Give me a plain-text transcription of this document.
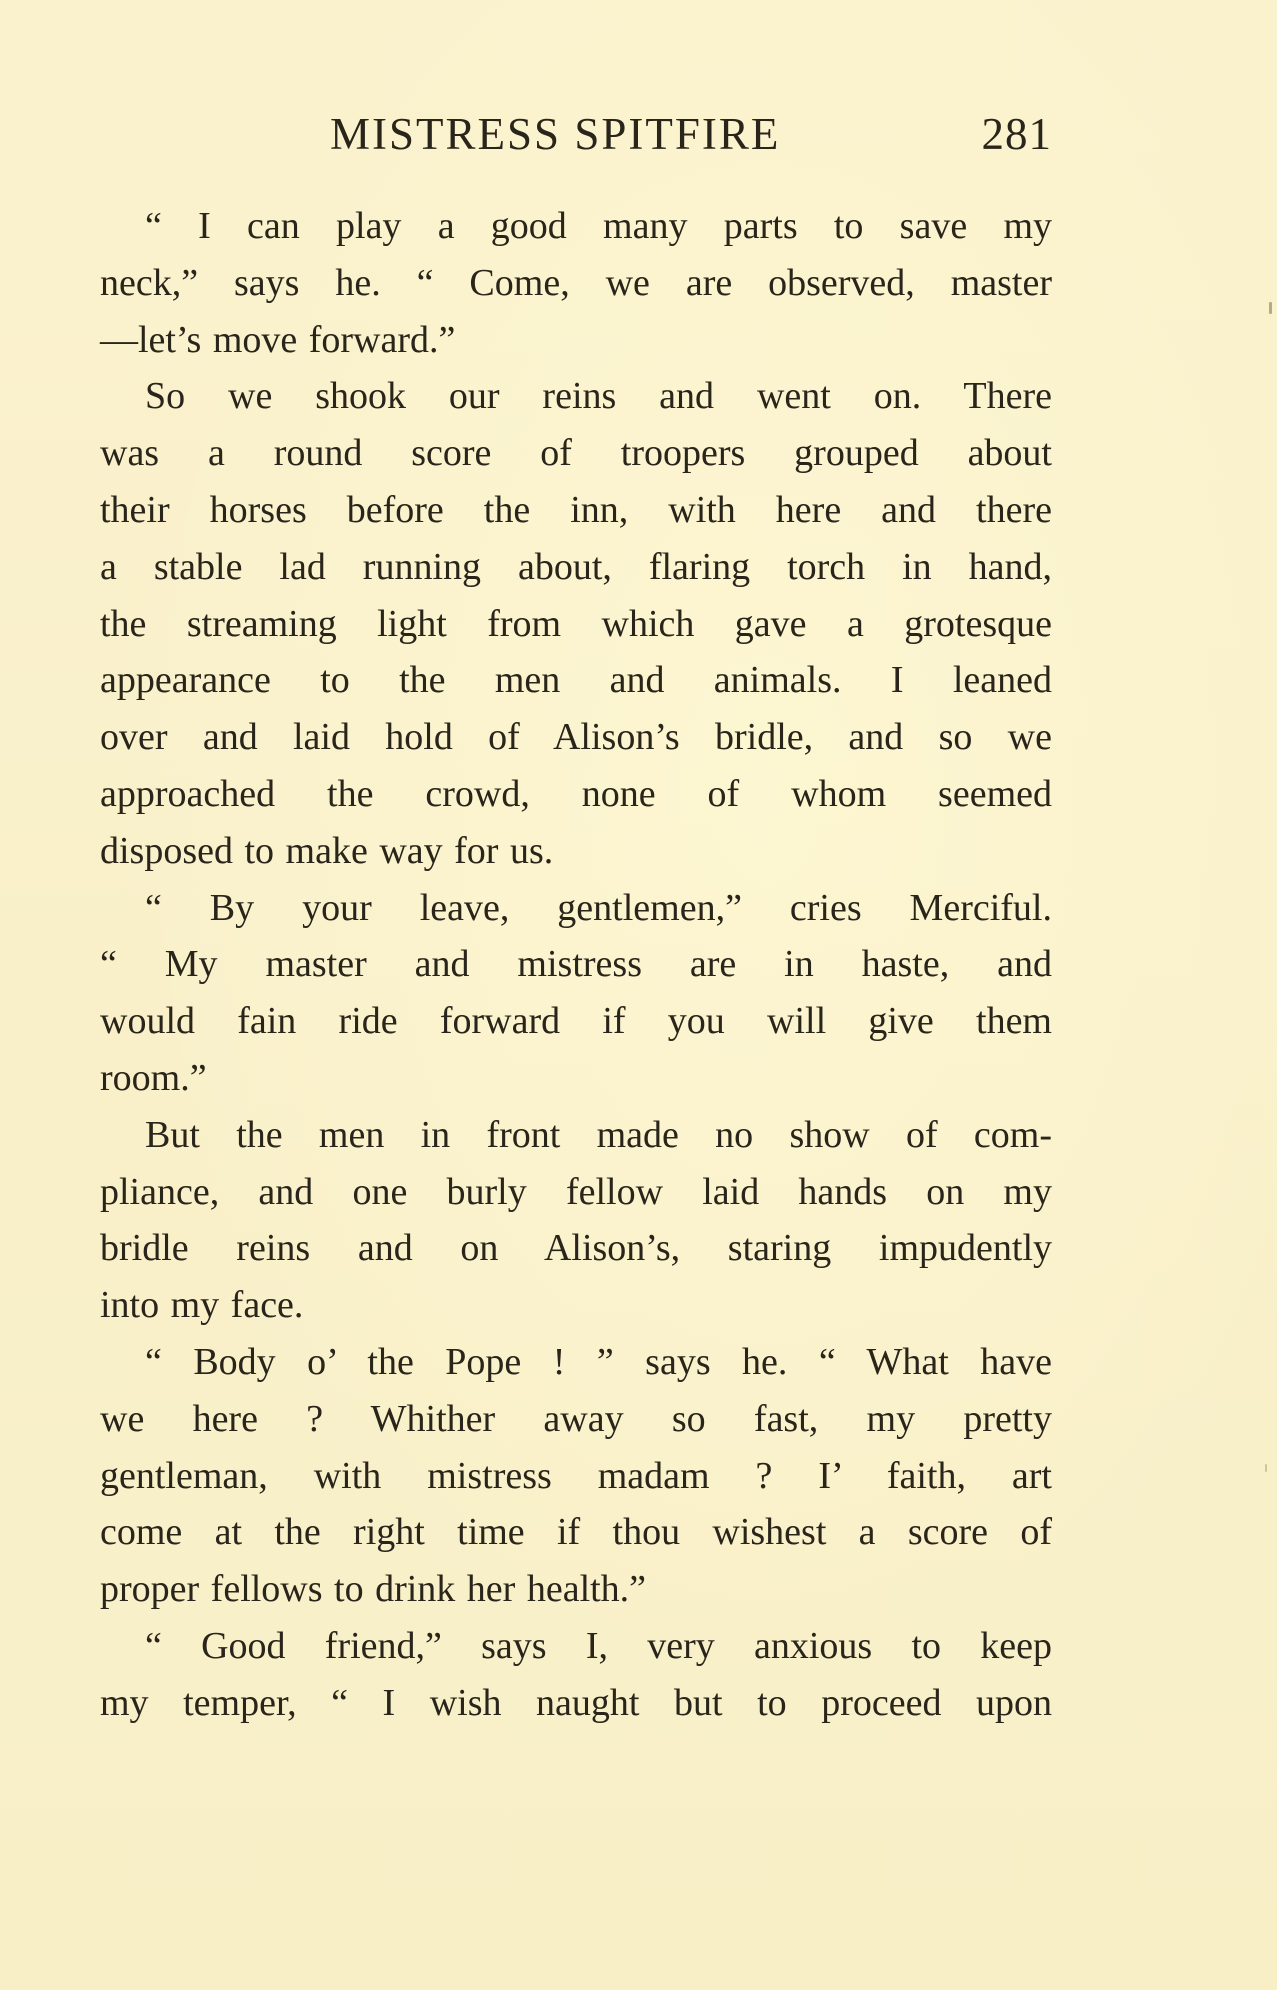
MISTRESS SPITFIRE	281
“ I can play a good many parts to save my
neck,” says he. “ Come, we are observed, master
—let’s move forward.”
So we shook our reins and went on. There
was a round score of troopers grouped about
their horses before the inn, with here and there
a stable lad running about, flaring torch in hand,
the streaming light from which gave a grotesque
appearance to the men and animals. I leaned
over and laid hold of Alison’s bridle, and so we
approached the crowd, none of whom seemed
disposed to make way for us.
“ By your leave, gentlemen,” cries Merciful.
“ My master and mistress are in haste, and
would fain ride forward if you will give them
room.”
But the men in front made no show of com-
pliance, and one burly fellow laid hands on my
bridle reins and on Alison’s, staring impudently
into my face.
“ Body o’ the Pope ! ” says he. “ What have
we here ? Whither away so fast, my pretty
gentleman, with mistress madam ? I’ faith, art
come at the right time if thou wishest a score of
proper fellows to drink her health.”
“ Good friend,” says I, very anxious to keep
my temper, “ I wish naught but to proceed upon
